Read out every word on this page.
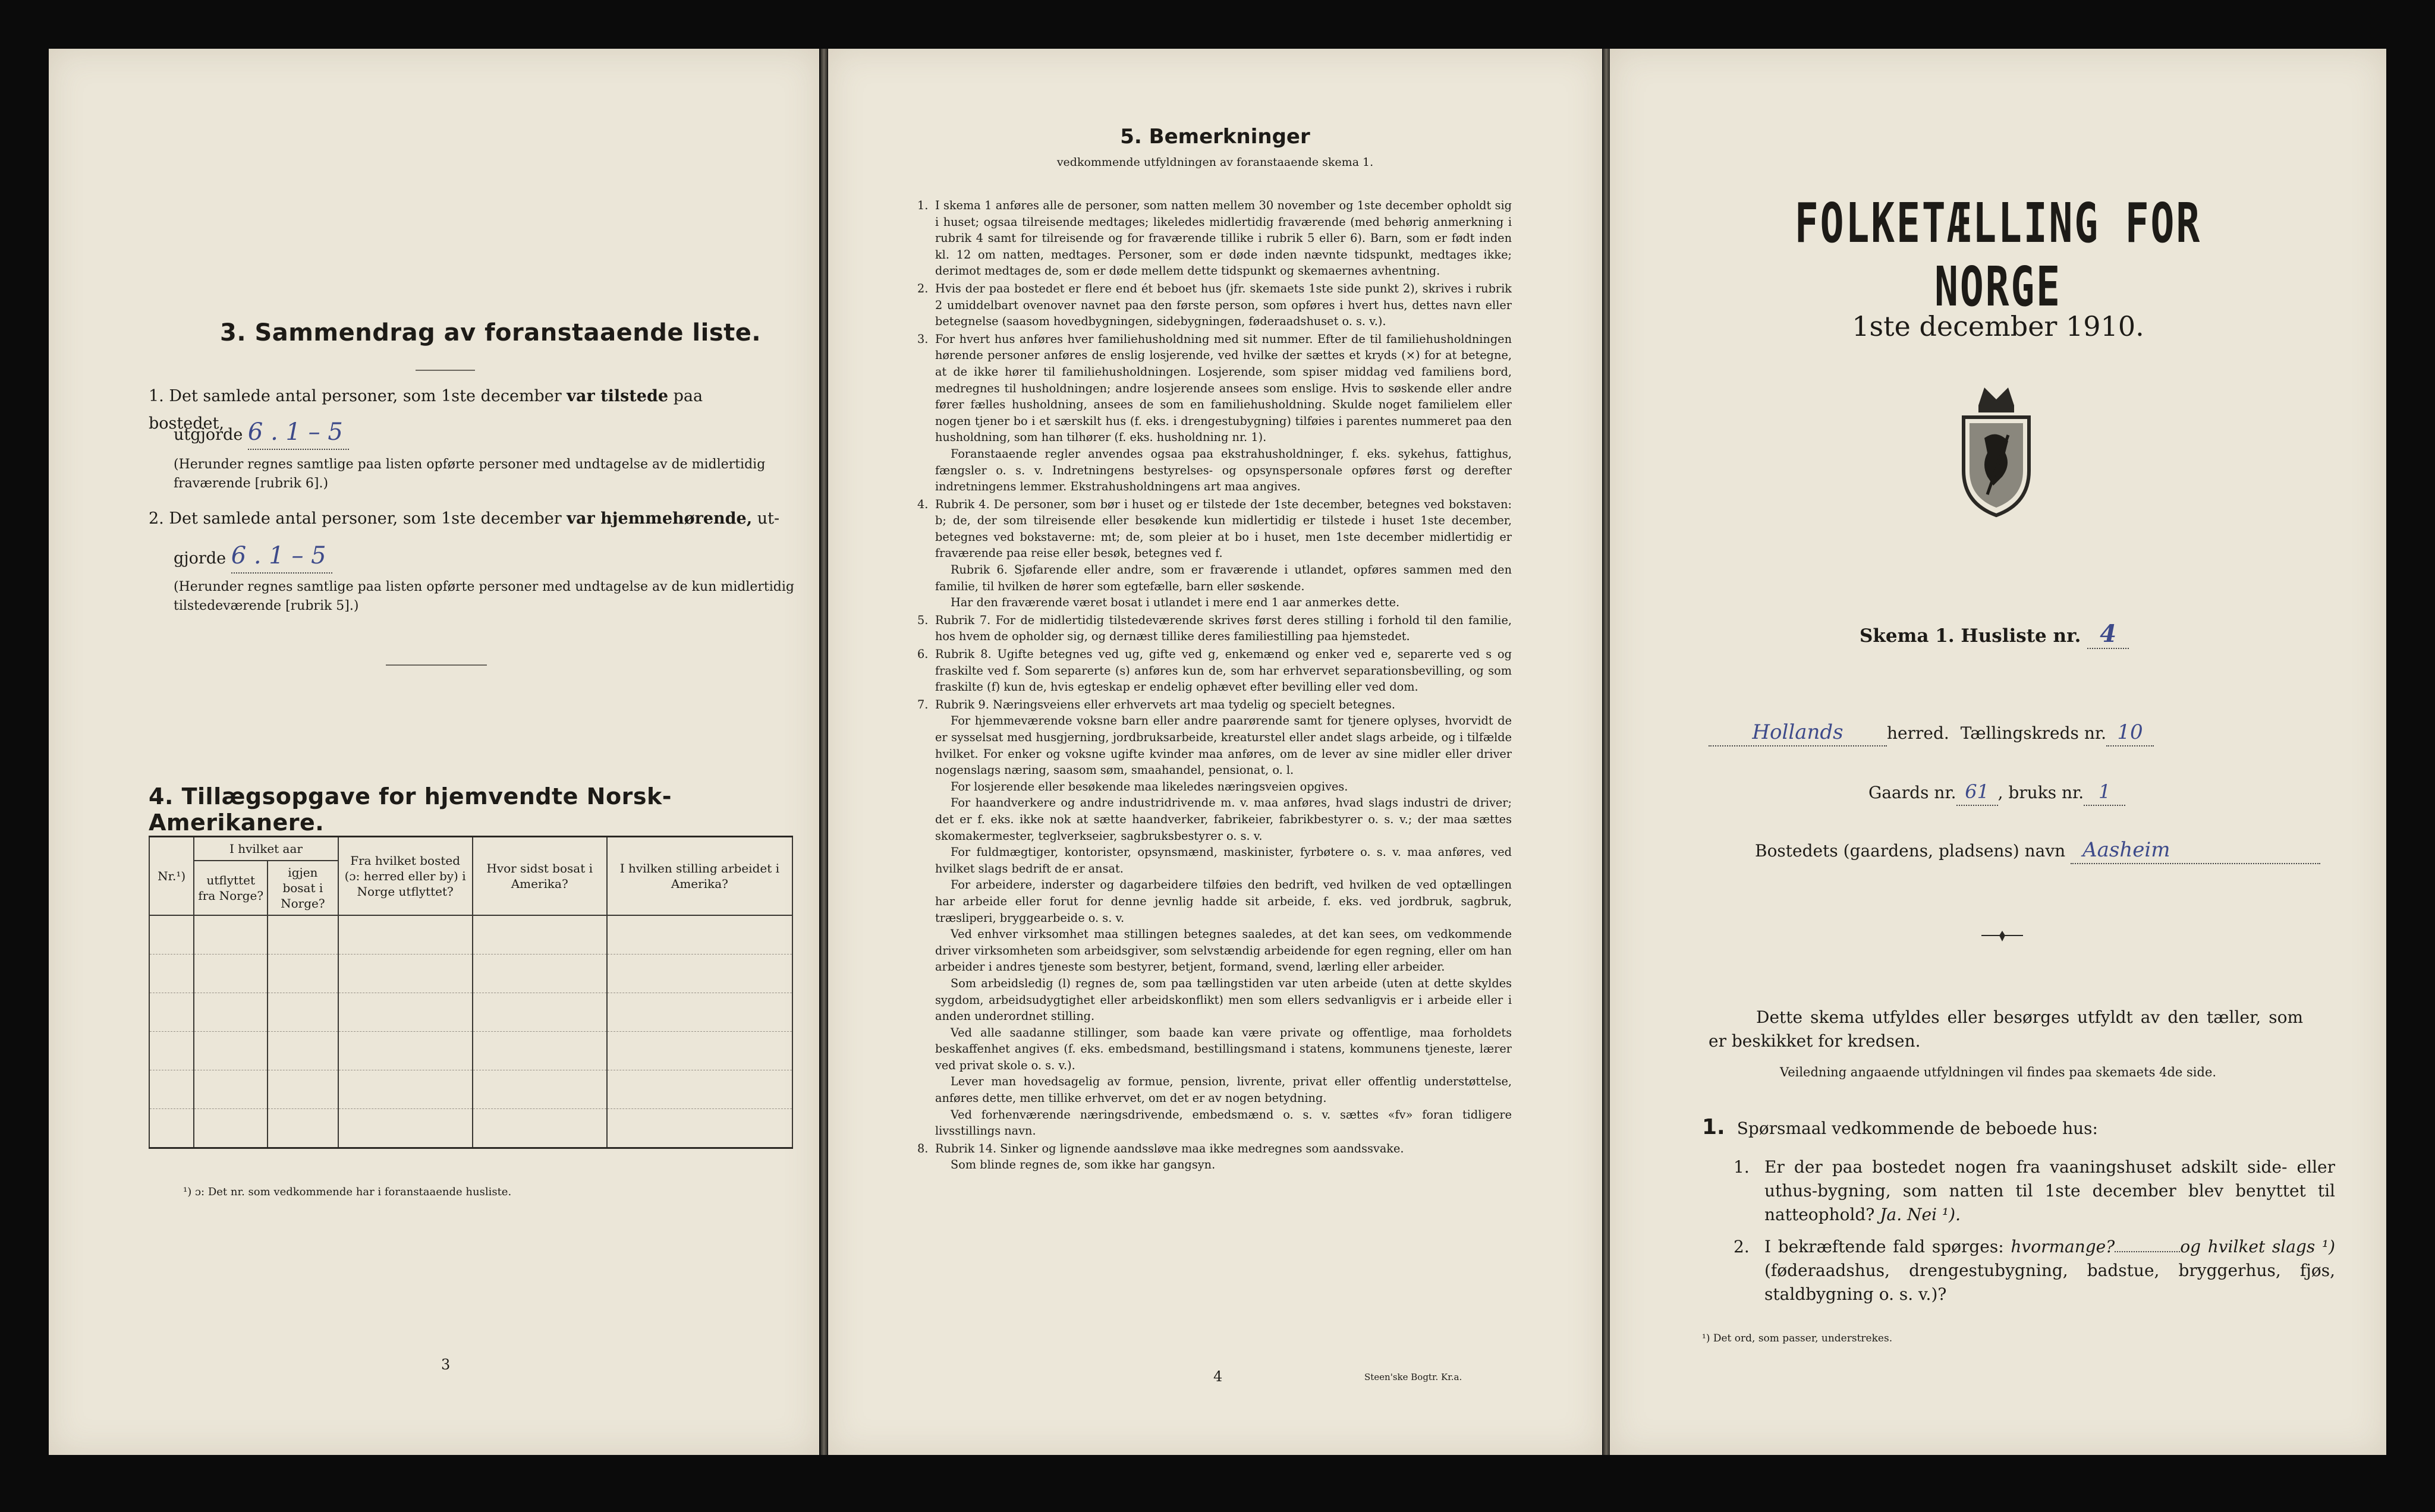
3. Sammendrag av foranstaaende liste.
1. Det samlede antal personer, som 1ste december var tilstede paa bostedet,
utgjorde 6 . 1 – 5
(Herunder regnes samtlige paa listen opførte personer med undtagelse av de midlertidig fraværende [rubrik 6].)
2. Det samlede antal personer, som 1ste december var hjemmehørende, ut-
gjorde 6 . 1 – 5
(Herunder regnes samtlige paa listen opførte personer med undtagelse av de kun midlertidig tilstedeværende [rubrik 5].)
4. Tillægsopgave for hjemvendte Norsk-Amerikanere.
Nr.¹)	I hvilket aar		Fra hvilket bosted (ɔ: herred eller by) i Norge utflyttet?	Hvor sidst bosat i Amerika?	I hvilken stilling arbeidet i Amerika?
	utflyttet fra Norge?	igjen bosat i Norge?			

¹) ɔ: Det nr. som vedkommende har i foranstaaende husliste.
3
5. Bemerkninger
vedkommende utfyldningen av foranstaaende skema 1.
1. I skema 1 anføres alle de personer, som natten mellem 30 november og 1ste december opholdt sig i huset; ogsaa tilreisende medtages; likeledes midlertidig fraværende (med behørig anmerkning i rubrik 4 samt for tilreisende og for fraværende tillike i rubrik 5 eller 6). Barn, som er født inden kl. 12 om natten, medtages. Personer, som er døde inden nævnte tidspunkt, medtages ikke; derimot medtages de, som er døde mellem dette tidspunkt og skemaernes avhentning.

2. Hvis der paa bostedet er flere end ét beboet hus (jfr. skemaets 1ste side punkt 2), skrives i rubrik 2 umiddelbart ovenover navnet paa den første person, som opføres i hvert hus, dettes navn eller betegnelse (saasom hovedbygningen, sidebygningen, føderaadshuset o. s. v.).

3. For hvert hus anføres hver familiehusholdning med sit nummer. Efter de til familiehusholdningen hørende personer anføres de enslig losjerende, ved hvilke der sættes et kryds (×) for at betegne, at de ikke hører til familiehusholdningen. Losjerende, som spiser middag ved familiens bord, medregnes til husholdningen; andre losjerende ansees som enslige. Hvis to søskende eller andre fører fælles husholdning, ansees de som en familiehusholdning. Skulde noget familielem eller nogen tjener bo i et særskilt hus (f. eks. i drengestubygning) tilføies i parentes nummeret paa den husholdning, som han tilhører (f. eks. husholdning nr. 1).

Foranstaaende regler anvendes ogsaa paa ekstrahusholdninger, f. eks. sykehus, fattighus, fængsler o. s. v. Indretningens bestyrelses- og opsynspersonale opføres først og derefter indretningens lemmer. Ekstrahusholdningens art maa angives.

4. Rubrik 4. De personer, som bør i huset og er tilstede der 1ste december, betegnes ved bokstaven: b; de, der som tilreisende eller besøkende kun midlertidig er tilstede i huset 1ste december, betegnes ved bokstaverne: mt; de, som pleier at bo i huset, men 1ste december midlertidig er fraværende paa reise eller besøk, betegnes ved f.

Rubrik 6. Sjøfarende eller andre, som er fraværende i utlandet, opføres sammen med den familie, til hvilken de hører som egtefælle, barn eller søskende.

Har den fraværende været bosat i utlandet i mere end 1 aar anmerkes dette.

5. Rubrik 7. For de midlertidig tilstedeværende skrives først deres stilling i forhold til den familie, hos hvem de opholder sig, og dernæst tillike deres familiestilling paa hjemstedet.

6. Rubrik 8. Ugifte betegnes ved ug, gifte ved g, enkemænd og enker ved e, separerte ved s og fraskilte ved f. Som separerte (s) anføres kun de, som har erhvervet separationsbevilling, og som fraskilte (f) kun de, hvis egteskap er endelig ophævet efter bevilling eller ved dom.

7. Rubrik 9. Næringsveiens eller erhvervets art maa tydelig og specielt betegnes.

For hjemmeværende voksne barn eller andre paarørende samt for tjenere oplyses, hvorvidt de er sysselsat med husgjerning, jordbruksarbeide, kreaturstel eller andet slags arbeide, og i tilfælde hvilket. For enker og voksne ugifte kvinder maa anføres, om de lever av sine midler eller driver nogenslags næring, saasom søm, smaahandel, pensionat, o. l.

For losjerende eller besøkende maa likeledes næringsveien opgives.

For haandverkere og andre industridrivende m. v. maa anføres, hvad slags industri de driver; det er f. eks. ikke nok at sætte haandverker, fabrikeier, fabrikbestyrer o. s. v.; der maa sættes skomakermester, teglverkseier, sagbruksbestyrer o. s. v.

For fuldmægtiger, kontorister, opsynsmænd, maskinister, fyrbøtere o. s. v. maa anføres, ved hvilket slags bedrift de er ansat.

For arbeidere, inderster og dagarbeidere tilføies den bedrift, ved hvilken de ved optællingen har arbeide eller forut for denne jevnlig hadde sit arbeide, f. eks. ved jordbruk, sagbruk, træsliperi, bryggearbeide o. s. v.

Ved enhver virksomhet maa stillingen betegnes saaledes, at det kan sees, om vedkommende driver virksomheten som arbeidsgiver, som selvstændig arbeidende for egen regning, eller om han arbeider i andres tjeneste som bestyrer, betjent, formand, svend, lærling eller arbeider.

Som arbeidsledig (l) regnes de, som paa tællingstiden var uten arbeide (uten at dette skyldes sygdom, arbeidsudygtighet eller arbeidskonflikt) men som ellers sedvanligvis er i arbeide eller i anden underordnet stilling.

Ved alle saadanne stillinger, som baade kan være private og offentlige, maa forholdets beskaffenhet angives (f. eks. embedsmand, bestillingsmand i statens, kommunens tjeneste, lærer ved privat skole o. s. v.).

Lever man hovedsagelig av formue, pension, livrente, privat eller offentlig understøttelse, anføres dette, men tillike erhvervet, om det er av nogen betydning.

Ved forhenværende næringsdrivende, embedsmænd o. s. v. sættes «fv» foran tidligere livsstillings navn.

8. Rubrik 14. Sinker og lignende aandssløve maa ikke medregnes som aandssvake.

Som blinde regnes de, som ikke har gangsyn.

4	Steen'ske Bogtr. Kr.a.
FOLKETÆLLING FOR NORGE
1ste december 1910.
Skema 1. Husliste nr. 4
Hollands	herred. Tællingskreds nr. 10
Gaards nr. 61 , bruks nr. 1
Bostedets (gaardens, pladsens) navn Aasheim
Dette skema utfyldes eller besørges utfyldt av den tæller, som er beskikket for kredsen.
Veiledning angaaende utfyldningen vil findes paa skemaets 4de side.
1. Spørsmaal vedkommende de beboede hus:
1. Er der paa bostedet nogen fra vaaningshuset adskilt side- eller uthus-bygning, som natten til 1ste december blev benyttet til natteophold? Ja. Nei ¹).
2. I bekræftende fald spørges: hvormange?	og hvilket slags ¹) (føderaadshus, drengestubygning, badstue, bryggerhus, fjøs, staldbygning o. s. v.)?
¹) Det ord, som passer, understrekes.
